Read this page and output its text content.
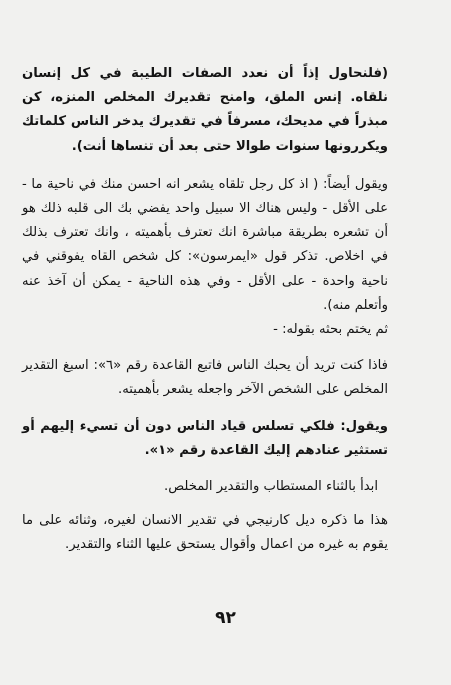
(فلنحاول إذاً أن نعدد الصفات الطيبة في كل إنسان نلقاه. إنس الملق، وامنح تقديرك المخلص المنزه، كن مبذراً في مديحك، مسرفاً في تقديرك يدخر الناس كلماتك ويكررونها سنوات طوالا حتى بعد أن تنساها أنت).

ويقول أيضاً: ( اذ كل رجل تلقاه يشعر انه احسن منك في ناحية ما - على الأقل - وليس هناك الا سبيل واحد يفضي بك الى قلبه ذلك هو أن تشعره بطريقة مباشرة انك تعترف بأهميته ، وانك تعترف بذلك في اخلاص. تذكر قول «ايمرسون»: كل شخص القاه يفوقني في ناحية واحدة - على الأقل - وفي هذه الناحية - يمكن أن آخذ عنه وأتعلم منه).

ثم يختم بحثه بقوله: -

فاذا كنت تريد أن يحبك الناس فاتبع القاعدة رقم «٦»: اسبغ التقدير المخلص على الشخص الآخر واجعله يشعر بأهميته.

ويقول: فلكي تسلس قياد الناس دون أن تسيء إليهم أو تستثير عنادهم إليك القاعدة رقم «١».

ابدأ بالثناء المستطاب والتقدير المخلص.

هذا ما ذكره ديل كارنيجي في تقدير الانسان لغيره، وثنائه على ما يقوم به غيره من اعمال وأقوال يستحق عليها الثناء والتقدير.

٩٢
